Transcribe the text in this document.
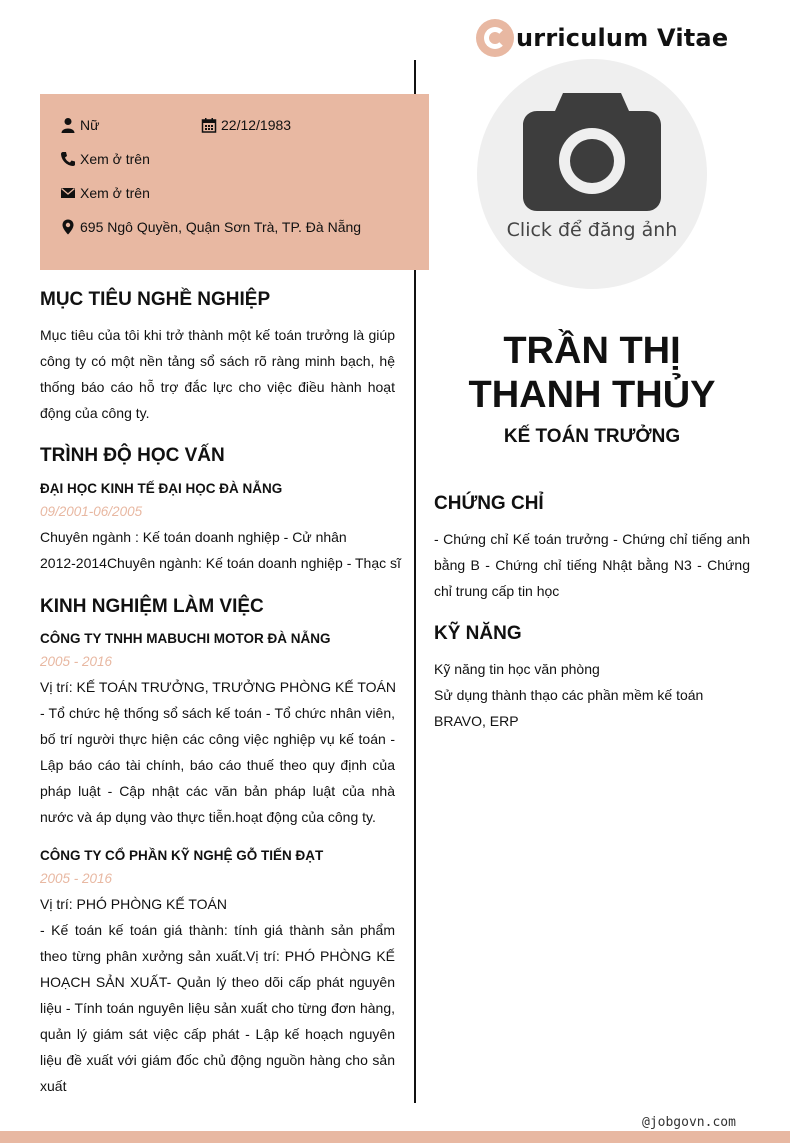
urriculum Vitae
Nữ	22/12/1983
Xem ở trên
Xem ở trên
695 Ngô Quyền, Quận Sơn Trà, TP. Đà Nẵng	Click để đăng ảnh
TRẦN THỊ
THANH THỦY
KẾ TOÁN TRƯỞNG
MỤC TIÊU NGHỀ NGHIỆP
Mục tiêu của tôi khi trở thành một kế toán trưởng là giúp công ty có một nền tảng sổ sách rõ ràng minh bạch, hệ thống báo cáo hỗ trợ đắc lực cho việc điều hành hoạt động của công ty.
TRÌNH ĐỘ HỌC VẤN
ĐẠI HỌC KINH TẾ ĐẠI HỌC ĐÀ NẴNG
09/2001-06/2005
Chuyên ngành : Kế toán doanh nghiệp - Cử nhân
2012-2014Chuyên ngành: Kế toán doanh nghiệp - Thạc sĩ
KINH NGHIỆM LÀM VIỆC
CÔNG TY TNHH MABUCHI MOTOR ĐÀ NẴNG
2005 - 2016
Vị trí: KẾ TOÁN TRƯỞNG, TRƯỞNG PHÒNG KẾ TOÁN
- Tổ chức hệ thống sổ sách kế toán - Tổ chức nhân viên, bố trí người thực hiện các công việc nghiệp vụ kế toán - Lập báo cáo tài chính, báo cáo thuế theo quy định của pháp luật - Cập nhật các văn bản pháp luật của nhà nước và áp dụng vào thực tiễn.hoạt động của công ty.
CÔNG TY CỔ PHẦN KỸ NGHỆ GỖ TIẾN ĐẠT
2005 - 2016
Vị trí: PHÓ PHÒNG KẾ TOÁN
- Kế toán kế toán giá thành: tính giá thành sản phẩm theo từng phân xưởng sản xuất.Vị trí: PHÓ PHÒNG KẾ HOẠCH SẢN XUẤT- Quản lý theo dõi cấp phát nguyên liệu - Tính toán nguyên liệu sản xuất cho từng đơn hàng, quản lý giám sát việc cấp phát - Lập kế hoạch nguyên liệu đề xuất với giám đốc chủ động nguồn hàng cho sản xuất
CHỨNG CHỈ
- Chứng chỉ Kế toán trưởng - Chứng chỉ tiếng anh bằng B - Chứng chỉ tiếng Nhật bằng N3 - Chứng chỉ trung cấp tin học
KỸ NĂNG
Kỹ năng tin học văn phòng
Sử dụng thành thạo các phần mềm kế toán
BRAVO, ERP
@jobgovn.com
